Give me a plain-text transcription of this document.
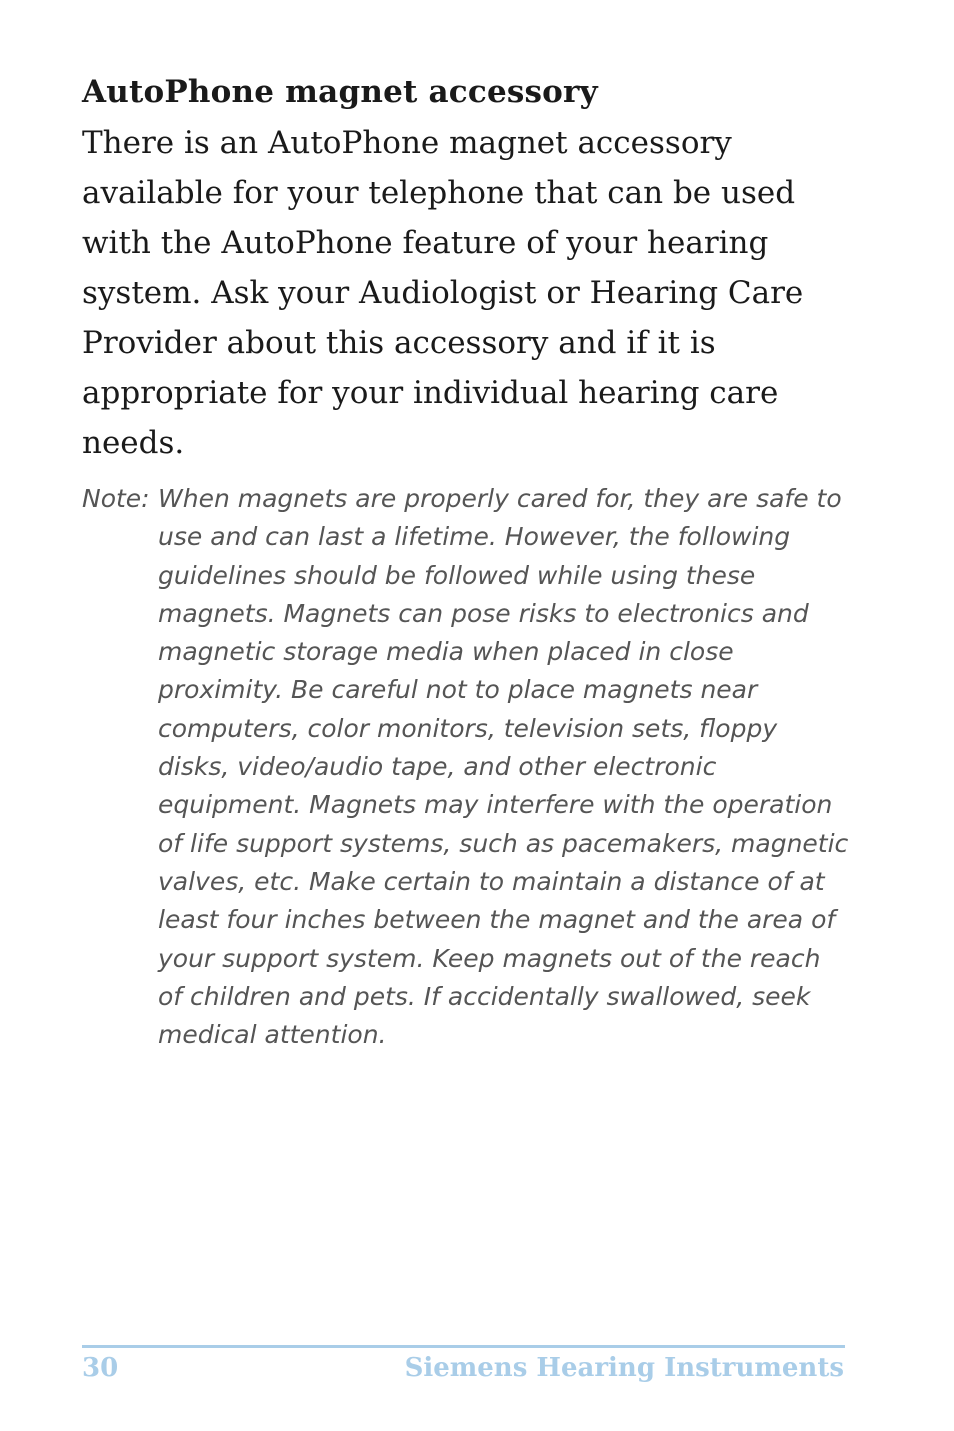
AutoPhone magnet accessory

There is an AutoPhone magnet accessory available for your telephone that can be used with the AutoPhone feature of your hearing system. Ask your Audiologist or Hearing Care Provider about this accessory and if it is appropriate for your individual hearing care needs.

Note: When magnets are properly cared for, they are safe to use and can last a lifetime. However, the following guidelines should be followed while using these magnets. Magnets can pose risks to electronics and magnetic storage media when placed in close proximity. Be careful not to place magnets near computers, color monitors, television sets, floppy disks, video/audio tape, and other electronic equipment. Magnets may interfere with the operation of life support systems, such as pacemakers, magnetic valves, etc. Make certain to maintain a distance of at least four inches between the magnet and the area of your support system. Keep magnets out of the reach of children and pets. If accidentally swallowed, seek medical attention.

30	Siemens Hearing Instruments
